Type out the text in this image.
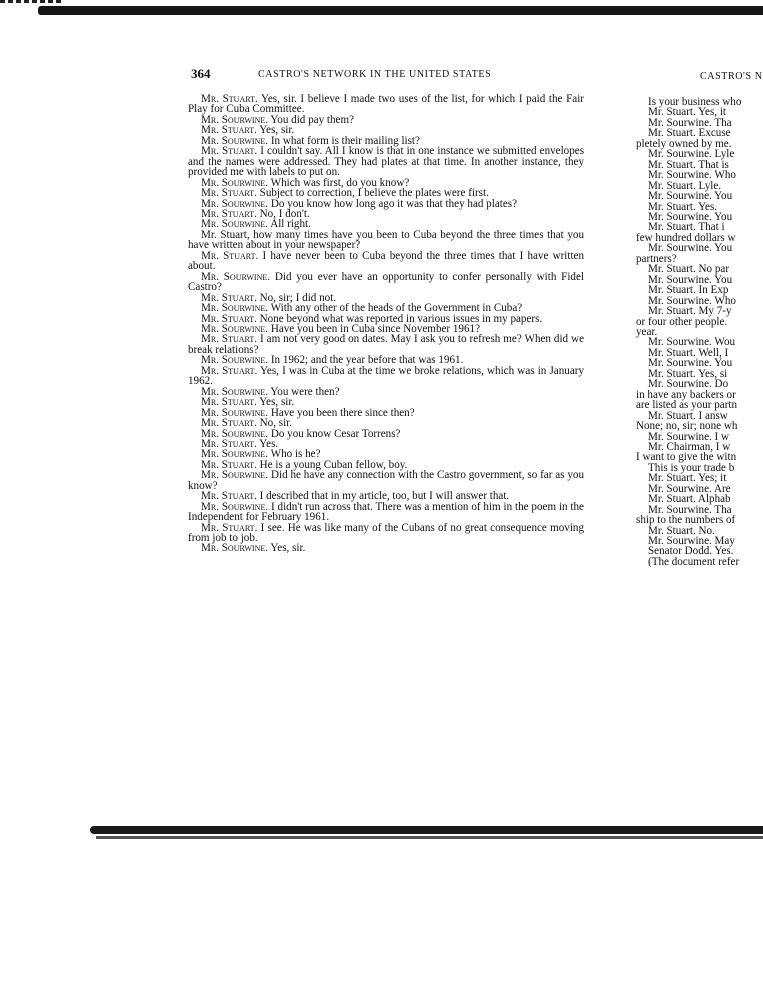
364	CASTRO'S NETWORK IN THE UNITED STATES	CASTRO'S N

Mr. Stuart. Yes, sir. I believe I made two uses of the list, for which I paid the Fair Play for Cuba Committee.

Mr. Sourwine. You did pay them?

Mr. Stuart. Yes, sir.

Mr. Sourwine. In what form is their mailing list?

Mr. Stuart. I couldn't say. All I know is that in one instance we submitted envelopes and the names were addressed. They had plates at that time. In another instance, they provided me with labels to put on.

Mr. Sourwine. Which was first, do you know?

Mr. Stuart. Subject to correction, I believe the plates were first.

Mr. Sourwine. Do you know how long ago it was that they had plates?

Mr. Stuart. No, I don't.

Mr. Sourwine. All right.

Mr. Stuart, how many times have you been to Cuba beyond the three times that you have written about in your newspaper?

Mr. Stuart. I have never been to Cuba beyond the three times that I have written about.

Mr. Sourwine. Did you ever have an opportunity to confer personally with Fidel Castro?

Mr. Stuart. No, sir; I did not.

Mr. Sourwine. With any other of the heads of the Government in Cuba?

Mr. Stuart. None beyond what was reported in various issues in my papers.

Mr. Sourwine. Have you been in Cuba since November 1961?

Mr. Stuart. I am not very good on dates. May I ask you to refresh me? When did we break relations?

Mr. Sourwine. In 1962; and the year before that was 1961.

Mr. Stuart. Yes, I was in Cuba at the time we broke relations, which was in January 1962.

Mr. Sourwine. You were then?

Mr. Stuart. Yes, sir.

Mr. Sourwine. Have you been there since then?

Mr. Stuart. No, sir.

Mr. Sourwine. Do you know Cesar Torrens?

Mr. Stuart. Yes.

Mr. Sourwine. Who is he?

Mr. Stuart. He is a young Cuban fellow, boy.

Mr. Sourwine. Did he have any connection with the Castro government, so far as you know?

Mr. Stuart. I described that in my article, too, but I will answer that.

Mr. Sourwine. I didn't run across that. There was a mention of him in the poem in the Independent for February 1961.

Mr. Stuart. I see. He was like many of the Cubans of no great consequence moving from job to job.

Mr. Sourwine. Yes, sir.

Is your business who

Mr. Stuart. Yes, it

Mr. Sourwine. Tha

Mr. Stuart. Excuse

pletely owned by me.

Mr. Sourwine. Lyle

Mr. Stuart. That is

Mr. Sourwine. Who

Mr. Stuart. Lyle.

Mr. Sourwine. You

Mr. Stuart. Yes.

Mr. Sourwine. You

Mr. Stuart. That i

few hundred dollars w

Mr. Sourwine. You

partners?

Mr. Stuart. No par

Mr. Sourwine. You

Mr. Stuart. In Exp

Mr. Sourwine. Who

Mr. Stuart. My 7-y

or four other people.

year.

Mr. Sourwine. Wou

Mr. Stuart. Well, I

Mr. Sourwine. You

Mr. Stuart. Yes, si

Mr. Sourwine. Do

in have any backers or

are listed as your partn

Mr. Stuart. I answ

None; no, sir; none wh

Mr. Sourwine. I w

Mr. Chairman, I w

I want to give the witn

This is your trade b

Mr. Stuart. Yes; it

Mr. Sourwine. Are

Mr. Stuart. Alphab

Mr. Sourwine. Tha

ship to the numbers of

Mr. Stuart. No.

Mr. Sourwine. May

Senator Dodd. Yes.

(The document refer
